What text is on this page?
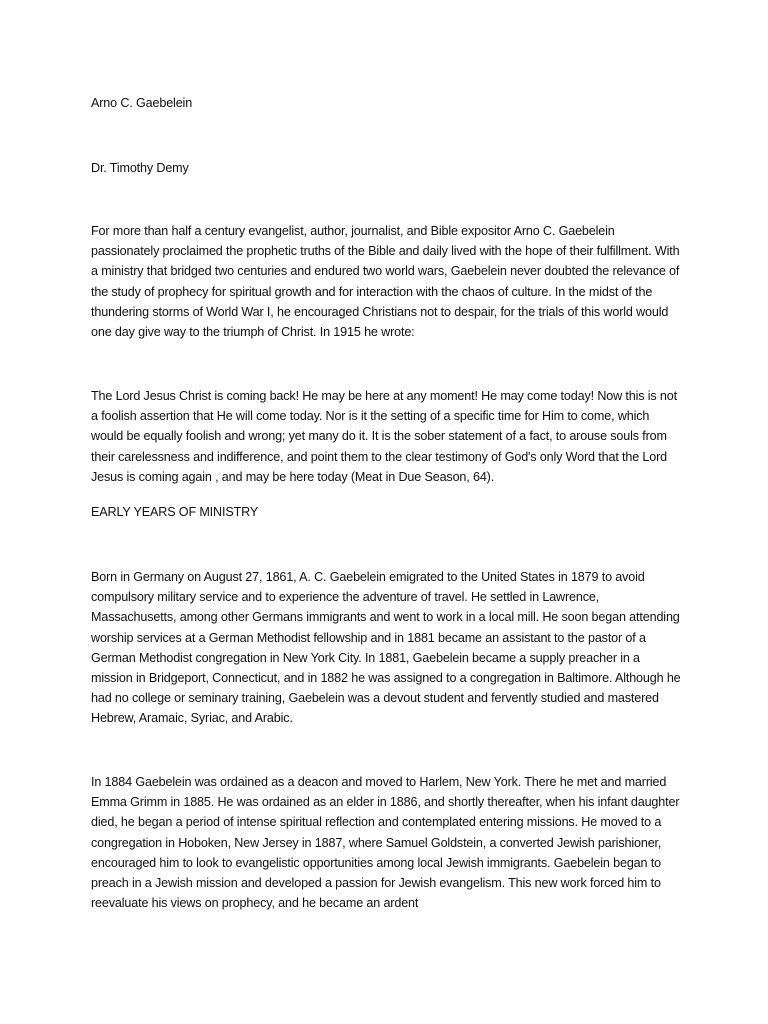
Arno C. Gaebelein

Dr. Timothy Demy

For more than half a century evangelist, author, journalist, and Bible expositor Arno C. Gaebelein passionately proclaimed the prophetic truths of the Bible and daily lived with the hope of their fulfillment. With a ministry that bridged two centuries and endured two world wars, Gaebelein never doubted the relevance of the study of prophecy for spiritual growth and for interaction with the chaos of culture. In the midst of the thundering storms of World War I, he encouraged Christians not to despair, for the trials of this world would one day give way to the triumph of Christ. In 1915 he wrote:

The Lord Jesus Christ is coming back! He may be here at any moment! He may come today! Now this is not a foolish assertion that He will come today. Nor is it the setting of a specific time for Him to come, which would be equally foolish and wrong; yet many do it. It is the sober statement of a fact, to arouse souls from their carelessness and indifference, and point them to the clear testimony of God's only Word that the Lord Jesus is coming again , and may be here today (Meat in Due Season, 64).

EARLY YEARS OF MINISTRY

Born in Germany on August 27, 1861, A. C. Gaebelein emigrated to the United States in 1879 to avoid compulsory military service and to experience the adventure of travel. He settled in Lawrence, Massachusetts, among other Germans immigrants and went to work in a local mill. He soon began attending worship services at a German Methodist fellowship and in 1881 became an assistant to the pastor of a German Methodist congregation in New York City. In 1881, Gaebelein became a supply preacher in a mission in Bridgeport, Connecticut, and in 1882 he was assigned to a congregation in Baltimore. Although he had no college or seminary training, Gaebelein was a devout student and fervently studied and mastered Hebrew, Aramaic, Syriac, and Arabic.

In 1884 Gaebelein was ordained as a deacon and moved to Harlem, New York. There he met and married Emma Grimm in 1885. He was ordained as an elder in 1886, and shortly thereafter, when his infant daughter died, he began a period of intense spiritual reflection and contemplated entering missions. He moved to a congregation in Hoboken, New Jersey in 1887, where Samuel Goldstein, a converted Jewish parishioner, encouraged him to look to evangelistic opportunities among local Jewish immigrants. Gaebelein began to preach in a Jewish mission and developed a passion for Jewish evangelism. This new work forced him to reevaluate his views on prophecy, and he became an ardent
